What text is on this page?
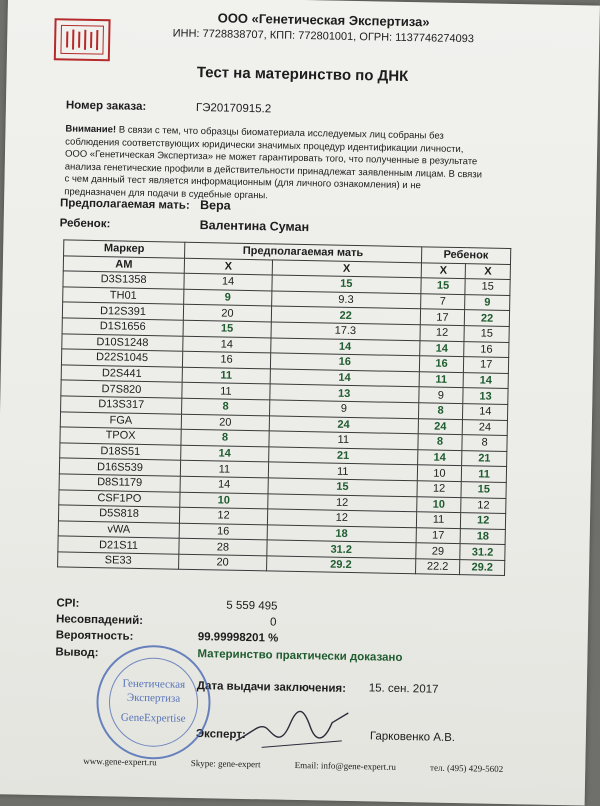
ООО «Генетическая Экспертиза»
ИНН: 7728838707, КПП: 772801001, ОГРН: 1137746274093
Тест на материнство по ДНК
Номер заказа:	ГЭ20170915.2
Внимание! В связи с тем, что образцы биоматериала исследуемых лиц собраны без соблюдения соответствующих юридически значимых процедур идентификации личности, ООО «Генетическая Экспертиза» не может гарантировать того, что полученные в результате анализа генетические профили в действительности принадлежат заявленным лицам. В связи с чем данный тест является информационным (для личного ознакомления) и не предназначен для подачи в судебные органы.
Предполагаемая мать: Вера
Ребенок:	Валентина Суман
Маркер	Предполагаемая мать		Ребенок	
AM	X	X	X	X
D3S1358	14	15	15	15
TH01	9	9.3	7	9
D12S391	20	22	17	22
D1S1656	15	17.3	12	15
D10S1248	14	14	14	16
D22S1045	16	16	16	17
D2S441	11	14	11	14
D7S820	11	13	9	13
D13S317	8	9	8	14
FGA	20	24	24	24
TPOX	8	11	8	8
D18S51	14	21	14	21
D16S539	11	11	10	11
D8S1179	14	15	12	15
CSF1PO	10	12	10	12
D5S818	12	12	11	12
vWA	16	18	17	18
D21S11	28	31.2	29	31.2
SE33	20	29.2	22.2	29.2
CPI:	5 559 495
Несовпадений:	0
Вероятность:	99.99998201 %
Вывод:	Материнство практически доказано
Дата выдачи заключения: 15. сен. 2017
Эксперт:	Гарковенко А.В.
Генетическая
Экспертиза
GeneExpertise
www.gene-expert.ru	Skype: gene-expert	Email: info@gene-expert.ru	тел. (495) 429-5602
